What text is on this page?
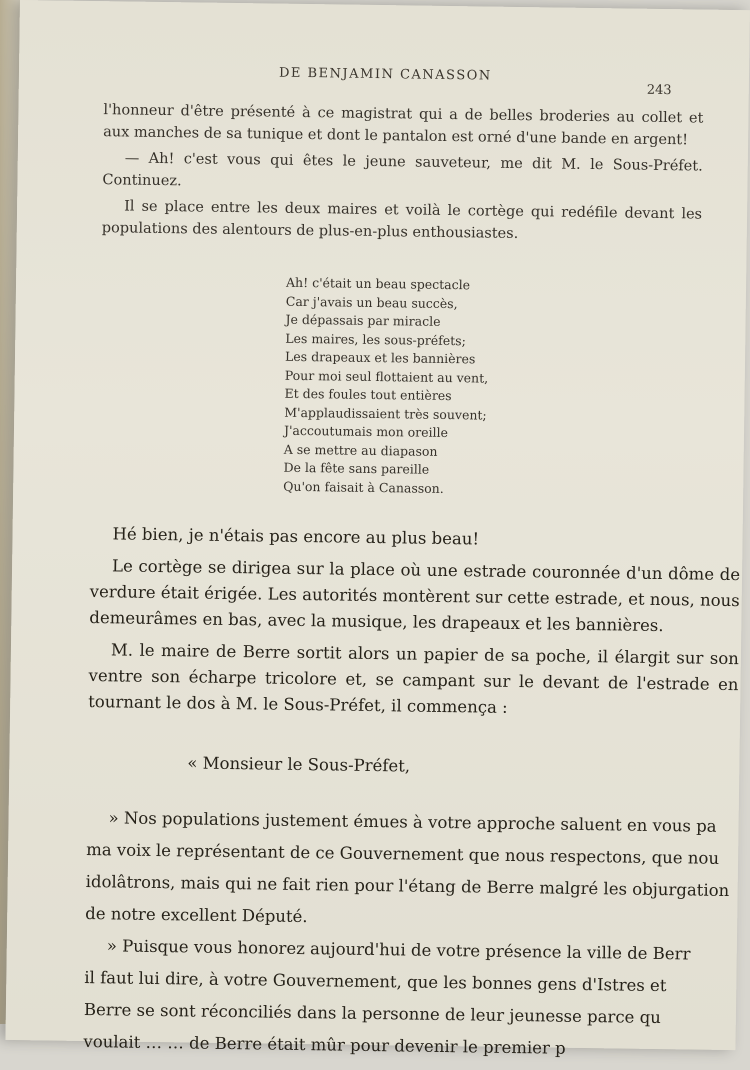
DE BENJAMIN CANASSON
243

l'honneur d'être présenté à ce magistrat qui a de belles broderies au collet et aux manches de sa tunique et dont le pantalon est orné d'une bande en argent!

— Ah! c'est vous qui êtes le jeune sauveteur, me dit M. le Sous-Préfet. Continuez.

Il se place entre les deux maires et voilà le cortège qui redéfile devant les populations des alentours de plus-en-plus enthousiastes.

Ah! c'était un beau spectacle
Car j'avais un beau succès,
Je dépassais par miracle
Les maires, les sous-préfets;
Les drapeaux et les bannières
Pour moi seul flottaient au vent,
Et des foules tout entières
M'applaudissaient très souvent;
J'accoutumais mon oreille
A se mettre au diapason
De la fête sans pareille
Qu'on faisait à Canasson.

Hé bien, je n'étais pas encore au plus beau!

Le cortège se dirigea sur la place où une estrade couronnée d'un dôme de verdure était érigée. Les autorités montèrent sur cette estrade, et nous, nous demeurâmes en bas, avec la musique, les drapeaux et les bannières.

M. le maire de Berre sortit alors un papier de sa poche, il élargit sur son ventre son écharpe tricolore et, se campant sur le devant de l'estrade en tournant le dos à M. le Sous-Préfet, il commença :

« Monsieur le Sous-Préfet,

» Nos populations justement émues à votre approche saluent en vous pa

ma voix le représentant de ce Gouvernement que nous respectons, que nou

idolâtrons, mais qui ne fait rien pour l'étang de Berre malgré les objurgation

de notre excellent Député.

» Puisque vous honorez aujourd'hui de votre présence la ville de Berr

il faut lui dire, à votre Gouvernement, que les bonnes gens d'Istres et

Berre se sont réconciliés dans la personne de leur jeunesse parce qu

voulait … … de Berre était mûr pour devenir le premier p
